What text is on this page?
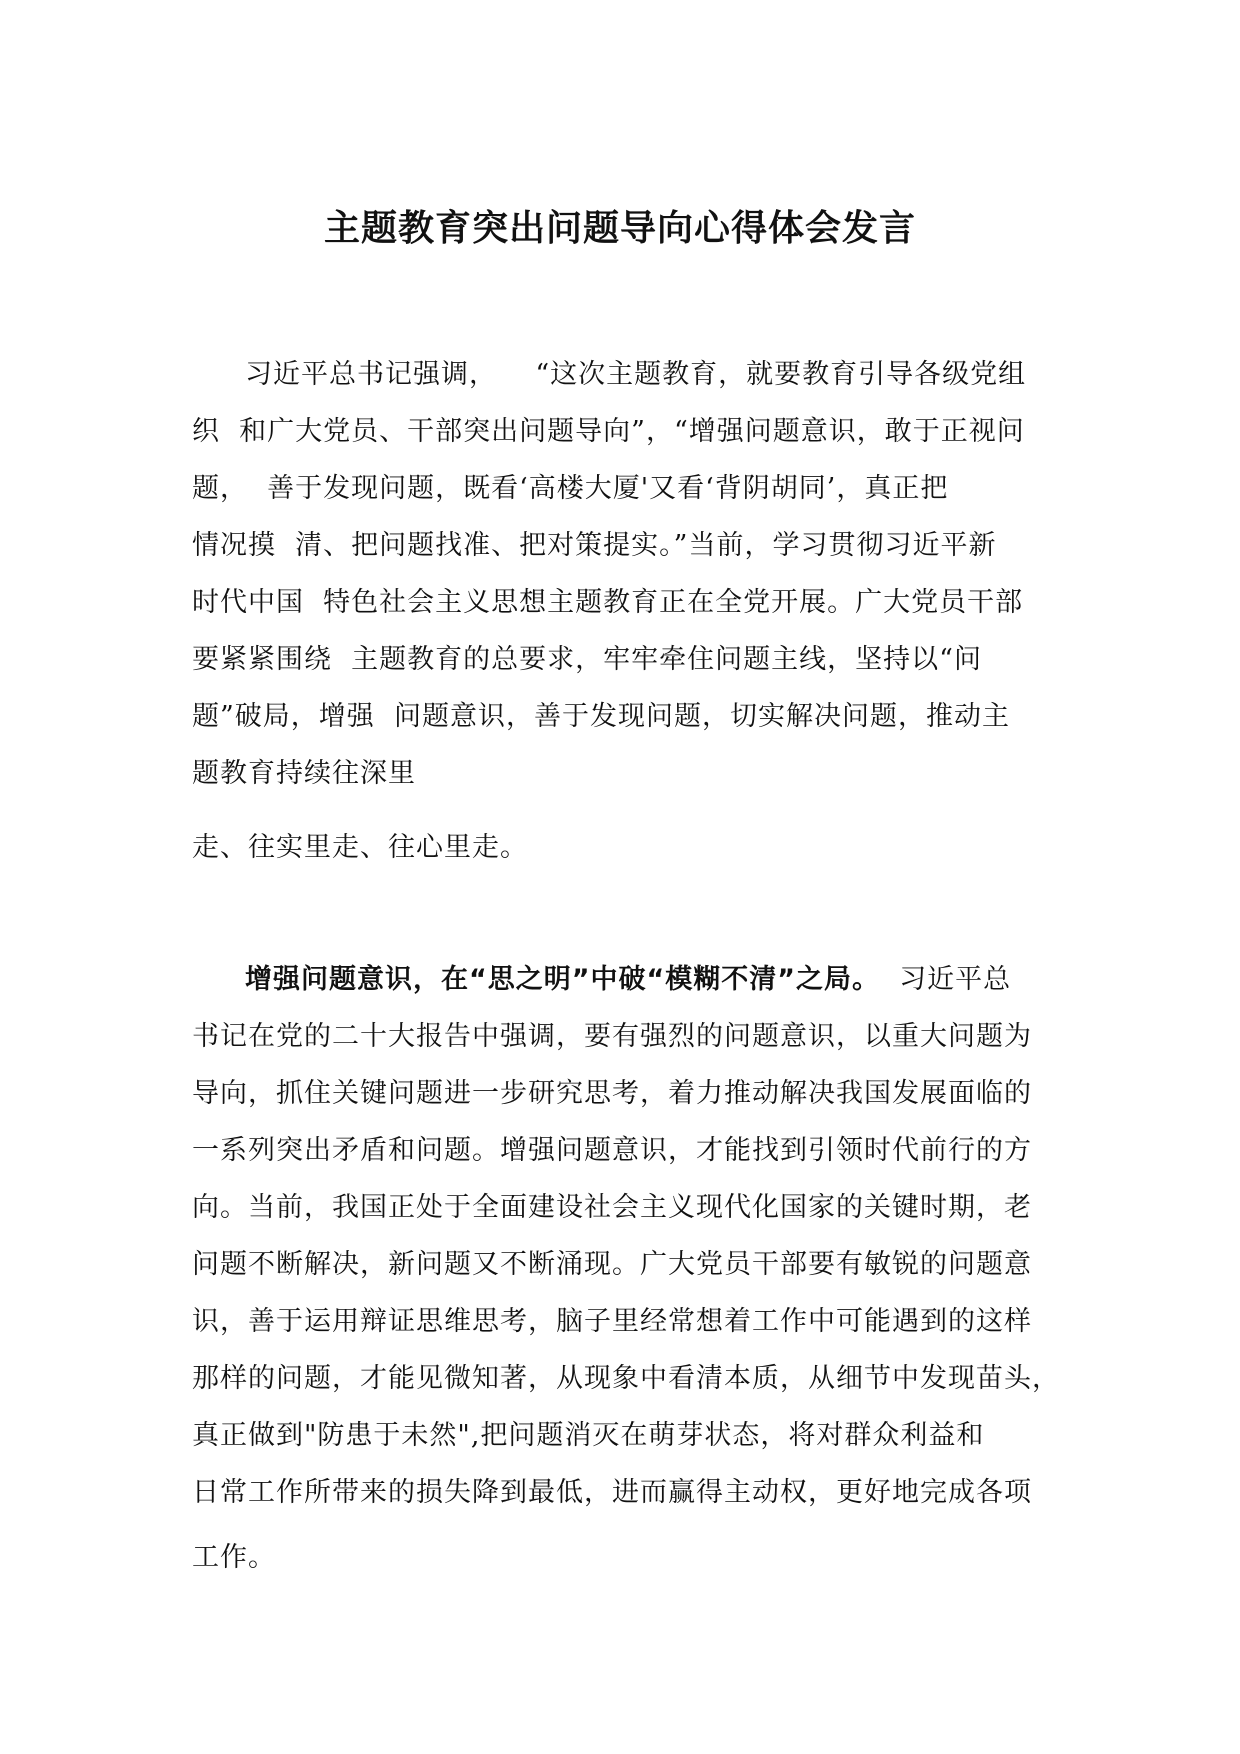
主题教育突出问题导向心得体会发言

习近平总书记强调，    “这次主题教育，就要教育引导各级党组

织  和广大党员、干部突出问题导向”，“增强问题意识，敢于正视问

题，  善于发现问题，既看‘高楼大厦'又看‘背阴胡同’，真正把

情况摸  清、把问题找准、把对策提实。”当前，学习贯彻习近平新

时代中国  特色社会主义思想主题教育正在全党开展。广大党员干部

要紧紧围绕  主题教育的总要求，牢牢牵住问题主线，坚持以“问

题”破局，增强  问题意识，善于发现问题，切实解决问题，推动主

题教育持续往深里

走、往实里走、往心里走。

增强问题意识，在“思之明”中破“模糊不清”之局。  习近平总

书记在党的二十大报告中强调，要有强烈的问题意识，以重大问题为

导向，抓住关键问题进一步研究思考，着力推动解决我国发展面临的

一系列突出矛盾和问题。增强问题意识，才能找到引领时代前行的方

向。当前，我国正处于全面建设社会主义现代化国家的关键时期，老

问题不断解决，新问题又不断涌现。广大党员干部要有敏锐的问题意

识，善于运用辩证思维思考，脑子里经常想着工作中可能遇到的这样

那样的问题，才能见微知著，从现象中看清本质，从细节中发现苗头，

真正做到"防患于未然",把问题消灭在萌芽状态，将对群众利益和

日常工作所带来的损失降到最低，进而赢得主动权，更好地完成各项

工作。
